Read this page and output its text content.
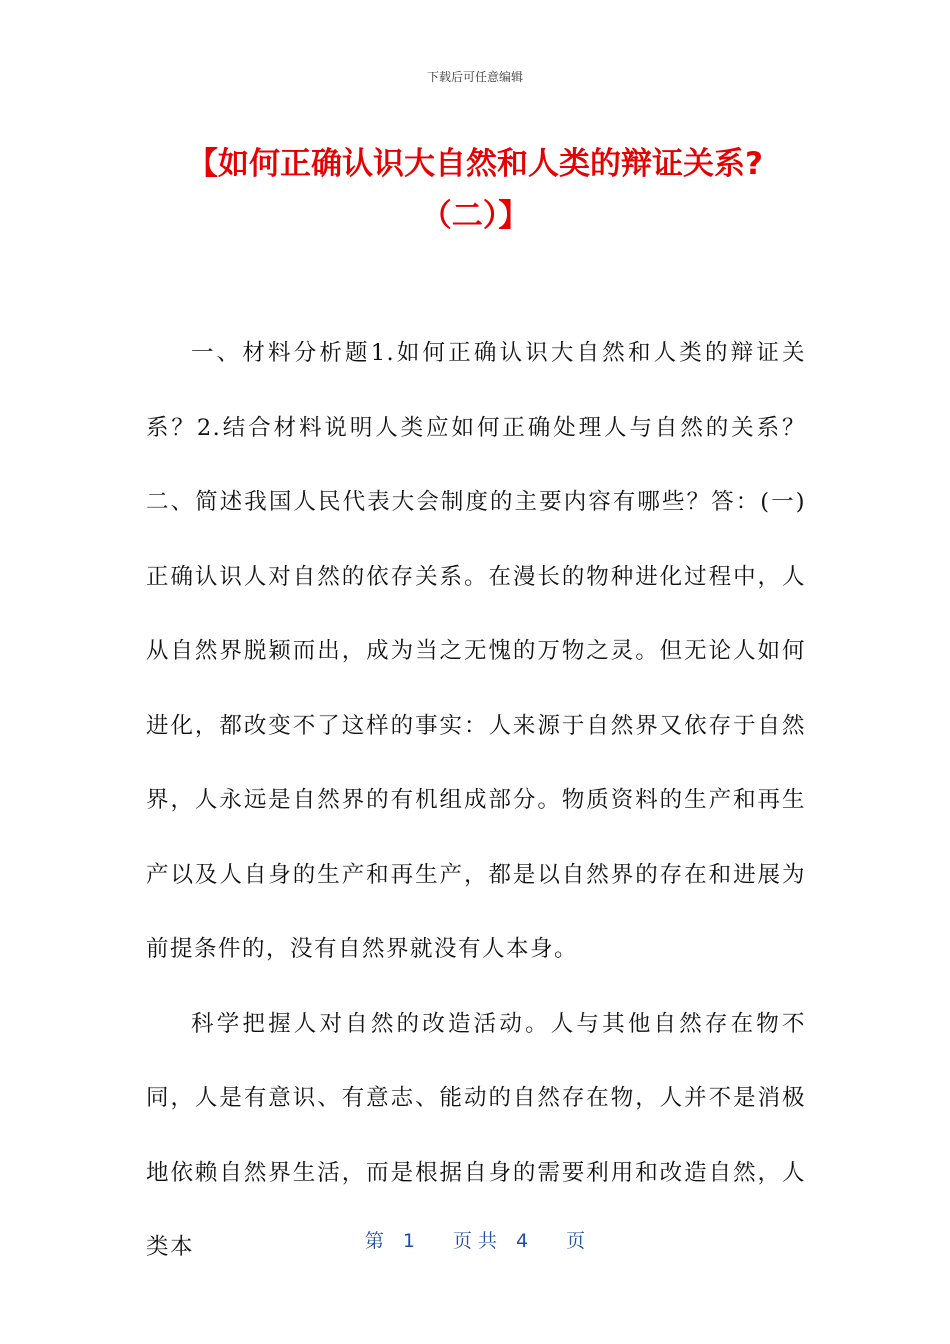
下载后可任意编辑
【如何正确认识大自然和人类的辩证关系?
（二）】

一、材料分析题1.如何正确认识大自然和人类的辩证关系？2.结合材料说明人类应如何正确处理人与自然的关系？二、简述我国人民代表大会制度的主要内容有哪些？答：(一)正确认识人对自然的依存关系。在漫长的物种进化过程中，人从自然界脱颖而出，成为当之无愧的万物之灵。但无论人如何进化，都改变不了这样的事实：人来源于自然界又依存于自然界，人永远是自然界的有机组成部分。物质资料的生产和再生产以及人自身的生产和再生产，都是以自然界的存在和进展为前提条件的，没有自然界就没有人本身。

科学把握人对自然的改造活动。人与其他自然存在物不同，人是有意识、有意志、能动的自然存在物，人并不是消极地依赖自然界生活，而是根据自身的需要利用和改造自然，人类本	第　1　　页 共　4　　页
